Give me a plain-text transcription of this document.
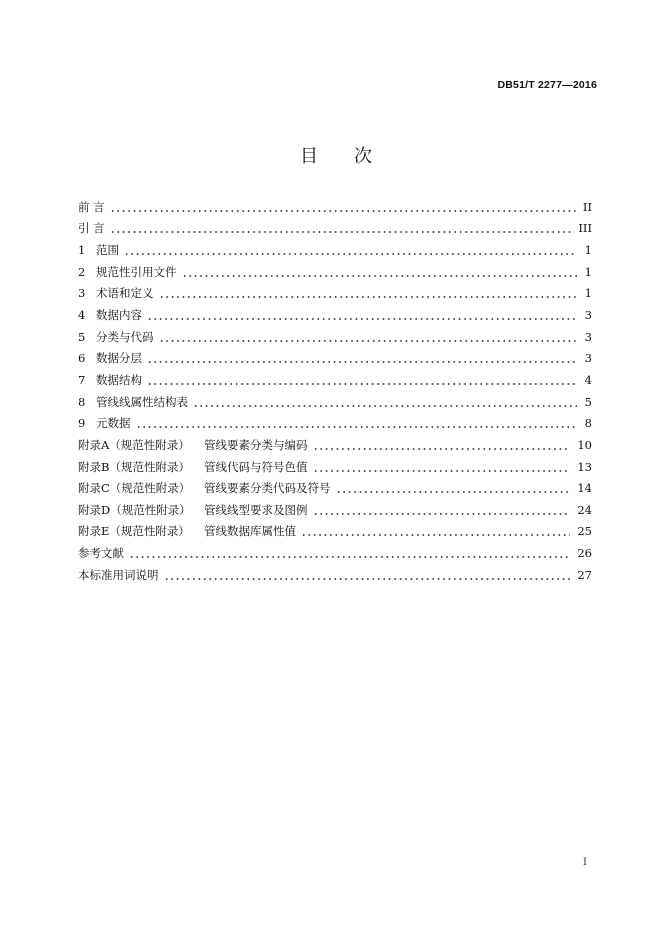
DB51/T 2277—2016
目　　次
前 言	II
引 言	III
1 范围	1
2 规范性引用文件	1
3 术语和定义	1
4 数据内容	3
5 分类与代码	3
6 数据分层	3
7 数据结构	4
8 管线线属性结构表	5
9 元数据	8
附录A（规范性附录）	管线要素分类与编码	10
附录B（规范性附录）	管线代码与符号色值	13
附录C（规范性附录）	管线要素分类代码及符号	14
附录D（规范性附录）	管线线型要求及图例	24
附录E（规范性附录）	管线数据库属性值	25
参考文献	26
本标准用词说明	27
I
